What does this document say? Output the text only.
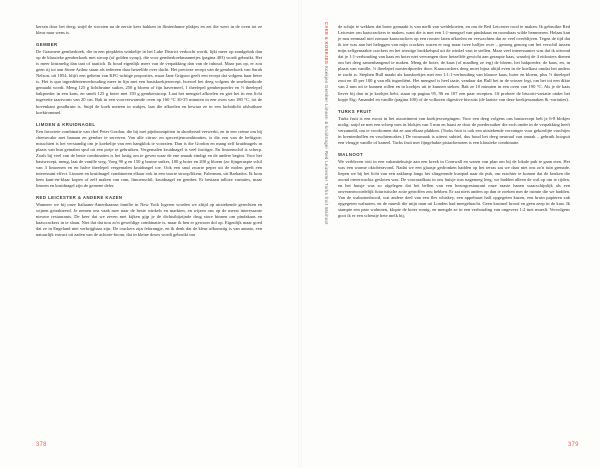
kersen door het deeg; snijd de worsten na de eerste keer bakken in flinterdunne plakjes en zet die weer in de oven tot ze kleur naar wens is.

GEMBER

De Grasmere gemberkoek, die in een piepklein winkeltje in het Lake District verkocht wordt, lijkt meer op zandgebak dan op de klassieke gemberkoek met stroop (of golden syrup), die voor gemberkoekmannetjes (pagina 403) wordt gebruikt. Het is meer kruimelig dan taai of taaitich. Ik houd eigenlijk meer van de verpakking dan van de inhoud. Maar pas op, er zou geen rij tot aan Stone Arthur staan als iedereen daar hetzelfde over dacht. Het precieze recept van de gemberkoek van Sarah Nelson, uit 1854, blijft een geheim van KFC-achtige proporties, maar Jane Grigson geeft een recept dat volgens haar beter is. Het is qua ingrediëntenverhouding meer in lijn met een basiskoekjesrecept, hoewel het deeg volgens de smeltmethode gemaakt wordt. Meng 125 g lichtbruine suiker, 250 g bloem of fijn havermeel, 1 theelepel gemberpoeder en ½ theelepel bakpoeder in een kom, en smelt 125 g boter met 150 g gemberstroop. Laat het mengsel afkoelen en giet het in een licht ingevette taartvorm van 20 cm. Bak in een voorverwarmde oven op 160 °C 30-35 minuten in een oven van 180 °C, tot de bovenkant goudbruin is. Snijd de koek meteen in stukjes, laat die afkoelen en bewaar ze in een luchtdicht afsluitbare koektrommel.

LIMOEN & KRUIDNAGEL

Een favoriete combinatie van chef Peter Gordon, die hij met pijnboompitten in shortbread verwerkt, en in een crème om bij cheesecake met banaan en gember te serveren. Van alle citrus- en specerijencombinaties, is die een van de heftigste: misschien is het verstandig om je koekeltje van een hangklok te voorzien. Dan is die Gordon en mang zelf kruidnagels in plaats van hun gemalen spul uit een potje te gebruiken. Vergemalen kruidnagel is veel fruitiger. En limoenschil is scherp. Zoals bij veel van de beste combinaties is het lastig om te geven waar de ene smaak eindigt en de andere begint. Voor het basisrecept, meng, laat de vanille weg. Voeg 90 g en 150 g bruine suiker, 100 g boter en 200 g bloem (zo fijngeraspte schil van 3 limoenen en en halve theelepel vergemalen kruidnagel toe. Ook een snuf zwarte peper uit de molen geeft een interessant effect. Limoen en kruidnagel combineren elkaar ook in een soorte siroop/likeur, Falernum, uit Barbados. Ik kom hem kant-en-klaar kopen of zelf maken van rum, limoenschil, kruidnagel en gember. Er bestaan talloze variaties, maar limoen en kruidnagel zijn de gemene deler.

RED LEICESTER & ANDERE KAZEN

Wanneer we bij onze Italiaans-Amerikaanse familie in New York logeren worden we altijd op uitstekende gerechten en wijnen getrakteerd. Je nemen ons vaak mee naar de beste winkels en markten, en wijzen ons op de meest interessante nieuwe restaurants. De keer dat we zeven met kijken gijp je de dichtstbijzijnde drug store binnen om pindakaas en kaascrackers in te slaan. Niet dat dat nou zo'n geweldige combinatie is, maar ik ben er gewoon dol op. Eigenlijk maar goed dat ze in Engeland niet verkrijgbaar zijn. De crackers zijn felorangje, en ik denk dat de kleur afkomstig is van annato, een natuurlijk extract uit zaden van de achiote-boom, dat in kleine doses wordt gebruikt om

378
CAKE & KOEKJES·Koekjes·Gember·Limoen & kruidnagel·Red Leicester·Turks fruit·Walnoot

de schijn te wekken dat boter gemaakt is van melk van weidekoeien, en om de Red Leicester rood te maken. Ik gebruikte Red Leicester om kaascrackers te maken, want die is met een 1:1-mengsel van pindakaas en roomkaas wilde hemmeren. Helaas kan je nou eenmaal niet zomaar kaascrackers op een rooster laten afkoelen en verwachten dat ze veel overblijven. Tegen de tijd dat ik toe was aan het beleggen van mijn crackers waren er nog maar twee halfjes over – genoeg genoeg om het verschil tussen mijn zelfgemaakte crackers en het triestige brokkelspul uit de winkel vast te stellen. Maar veel interessanter was dat ik uitvond dat je 1:1-verhouding van kaas en boter niet vervangen door hetzelfde gewicht aan geraspte kaas, waarbij de 4 eidooiers dienen om het deeg samenhangend te maken. Meng de boter, de kaas (of maalbeg ze erg) de bloem, het bakpoeder, de kaas, en, in plaats van vanille, ½ theelepel mosterdpoeder door. Kaascrackers deeg moet bijna altijd even in de koelkast omdat het anders te zacht is. Stephen Bull maakt als kaaskoekjes met een 1:1:1-verhouding van blauwe kaas, boter en bloem, plus ½ theelepel zout en 45 per 100 g van elk ingrediënt. Het mengsel is heel taaie, vandaar dat Bull het in de vriezer legt, om het tot een dikte van 2 mm uit te kunnen rollen en in koekjes uit te kunnen steken. Bak ze 10 minuten in een oven van 190 °C. Als je de kaas liever bij dan in je koekjes hebt, staan op pagina 95, 96 en 107 een paar recepten. Of probeer de biscotti-variatie onder het kopje Eig: Amandel en vanille (pagina 100) of de volkoren digestive biscuits (de laatste van deze koekjessmaken & -variaties).

TURKS FRUIT

Turks fruit is een exoot in het assortiment van koekjesvoegingen. Voor een deeg volgens ons basisrecept heb je 6-8 blokjes nodig: snijd ze met een scherp mes in blokjes van 5 mm en haast ze door de poedersuiker die erch onder in de verpakking heeft verzameld, om te voorkomen dat ze aan elkaar plakken. (Turks fruit is ook een uitstekende vervanger voor gekonfijte vruchtjes in krentenbollen en vruchtencakes.) De roosmaak is uiterst subtiel, dus houd het deeg neutraal van smaak – gebruik hooguit een vleugje vanille of kaneel. Turks fruit met fijngehakte pistachenoten is een klassieke combinatie.

WALNOOT

We verbleven ooit in een vakantiehuisje aan een kreek in Cornwall en waren van plan om bij de lokale pub te gaan eten. Het was een warme oktoberavond. Nadat we een glaasje gedronken hadden op het terras zat we daar niet ons zo'n tuin grenade, liepen we bij het licht van een zaklamp langs het slingerende kustpad naar de pub, om erachter te komen dat de keuken die avond onverwachts gesloten was. De voorraadkast in ons huisje was nagenoeg leeg, we hadden alleen de wal op om te rijden, en het huisje was zo afgelegen dat het bellen van een bezorgrestaurant onze raaste banen waarschijnlijk als een onverantwoordelijk futuristische actie getroffen zou hebben. Er zat niets anders op dan te zoeken met de ruimte die we hadden. Van de walnotenbrood, wat andere deel van een fles whiskey, een appeltaart half opgegeten kazen, een bruin papieren zak opgegeten walnoten, en de muesli die mijn man uit Londen had meegebracht. Geen kruimel brood en geen zeep in de kast. Ik stampte een paar walnoten, klopte de boter romig, en mengde ze in een verhouding van ongeveer 1:2 met muesli. Vervolgens goot ik er een scheutje hete melk bij,

379
